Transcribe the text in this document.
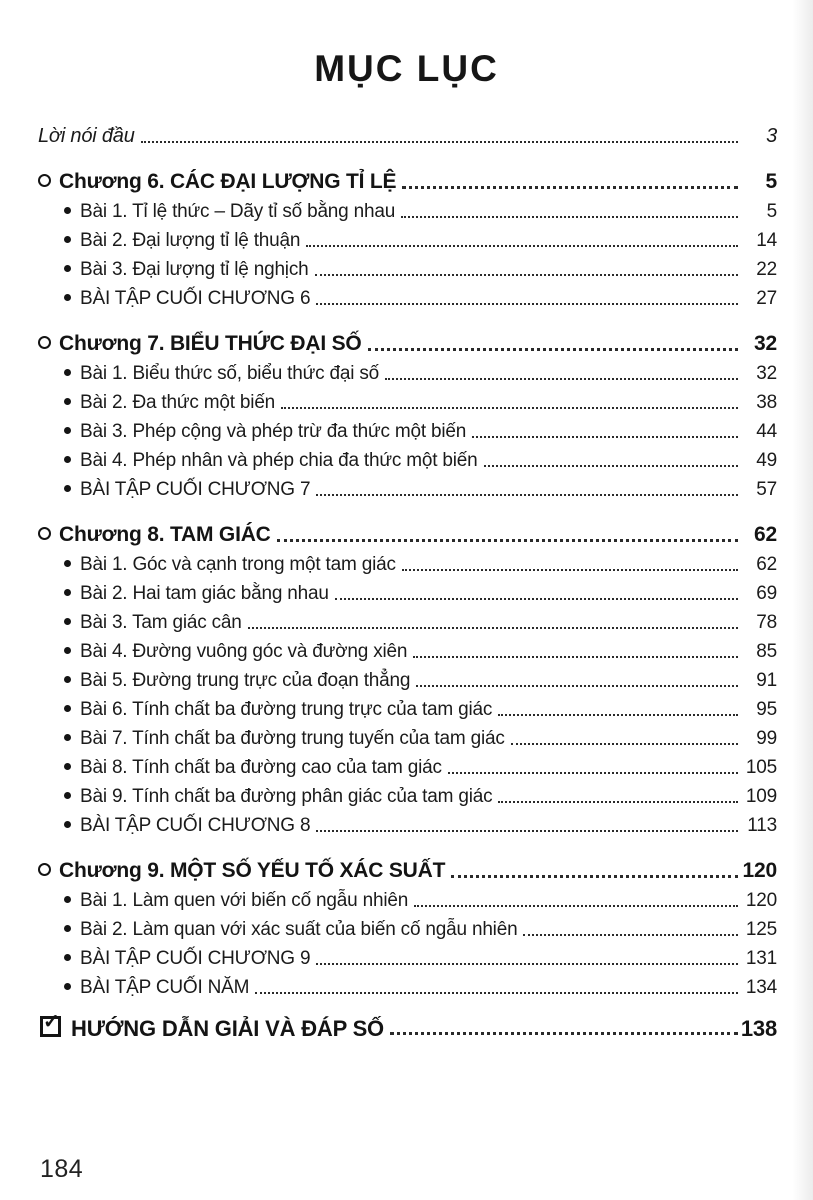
MỤC LỤC
Lời nói đầu	3
Chương 6. CÁC ĐẠI LƯỢNG TỈ LỆ	5
Bài 1. Tỉ lệ thức – Dãy tỉ số bằng nhau	5
Bài 2. Đại lượng tỉ lệ thuận	14
Bài 3. Đại lượng tỉ lệ nghịch	22
BÀI TẬP CUỐI CHƯƠNG 6	27
Chương 7. BIỂU THỨC ĐẠI SỐ	32
Bài 1. Biểu thức số, biểu thức đại số	32
Bài 2. Đa thức một biến	38
Bài 3. Phép cộng và phép trừ đa thức một biến	44
Bài 4. Phép nhân và phép chia đa thức một biến	49
BÀI TẬP CUỐI CHƯƠNG 7	57
Chương 8. TAM GIÁC	62
Bài 1. Góc và cạnh trong một tam giác	62
Bài 2. Hai tam giác bằng nhau	69
Bài 3. Tam giác cân	78
Bài 4. Đường vuông góc và đường xiên	85
Bài 5. Đường trung trực của đoạn thẳng	91
Bài 6. Tính chất ba đường trung trực của tam giác	95
Bài 7. Tính chất ba đường trung tuyến của tam giác	99
Bài 8. Tính chất ba đường cao của tam giác	105
Bài 9. Tính chất ba đường phân giác của tam giác	109
BÀI TẬP CUỐI CHƯƠNG 8	113
Chương 9. MỘT SỐ YẾU TỐ XÁC SUẤT	120
Bài 1. Làm quen với biến cố ngẫu nhiên	120
Bài 2. Làm quan với xác suất của biến cố ngẫu nhiên	125
BÀI TẬP CUỐI CHƯƠNG 9	131
BÀI TẬP CUỐI NĂM	134
✓ HƯỚNG DẪN GIẢI VÀ ĐÁP SỐ	138
184
